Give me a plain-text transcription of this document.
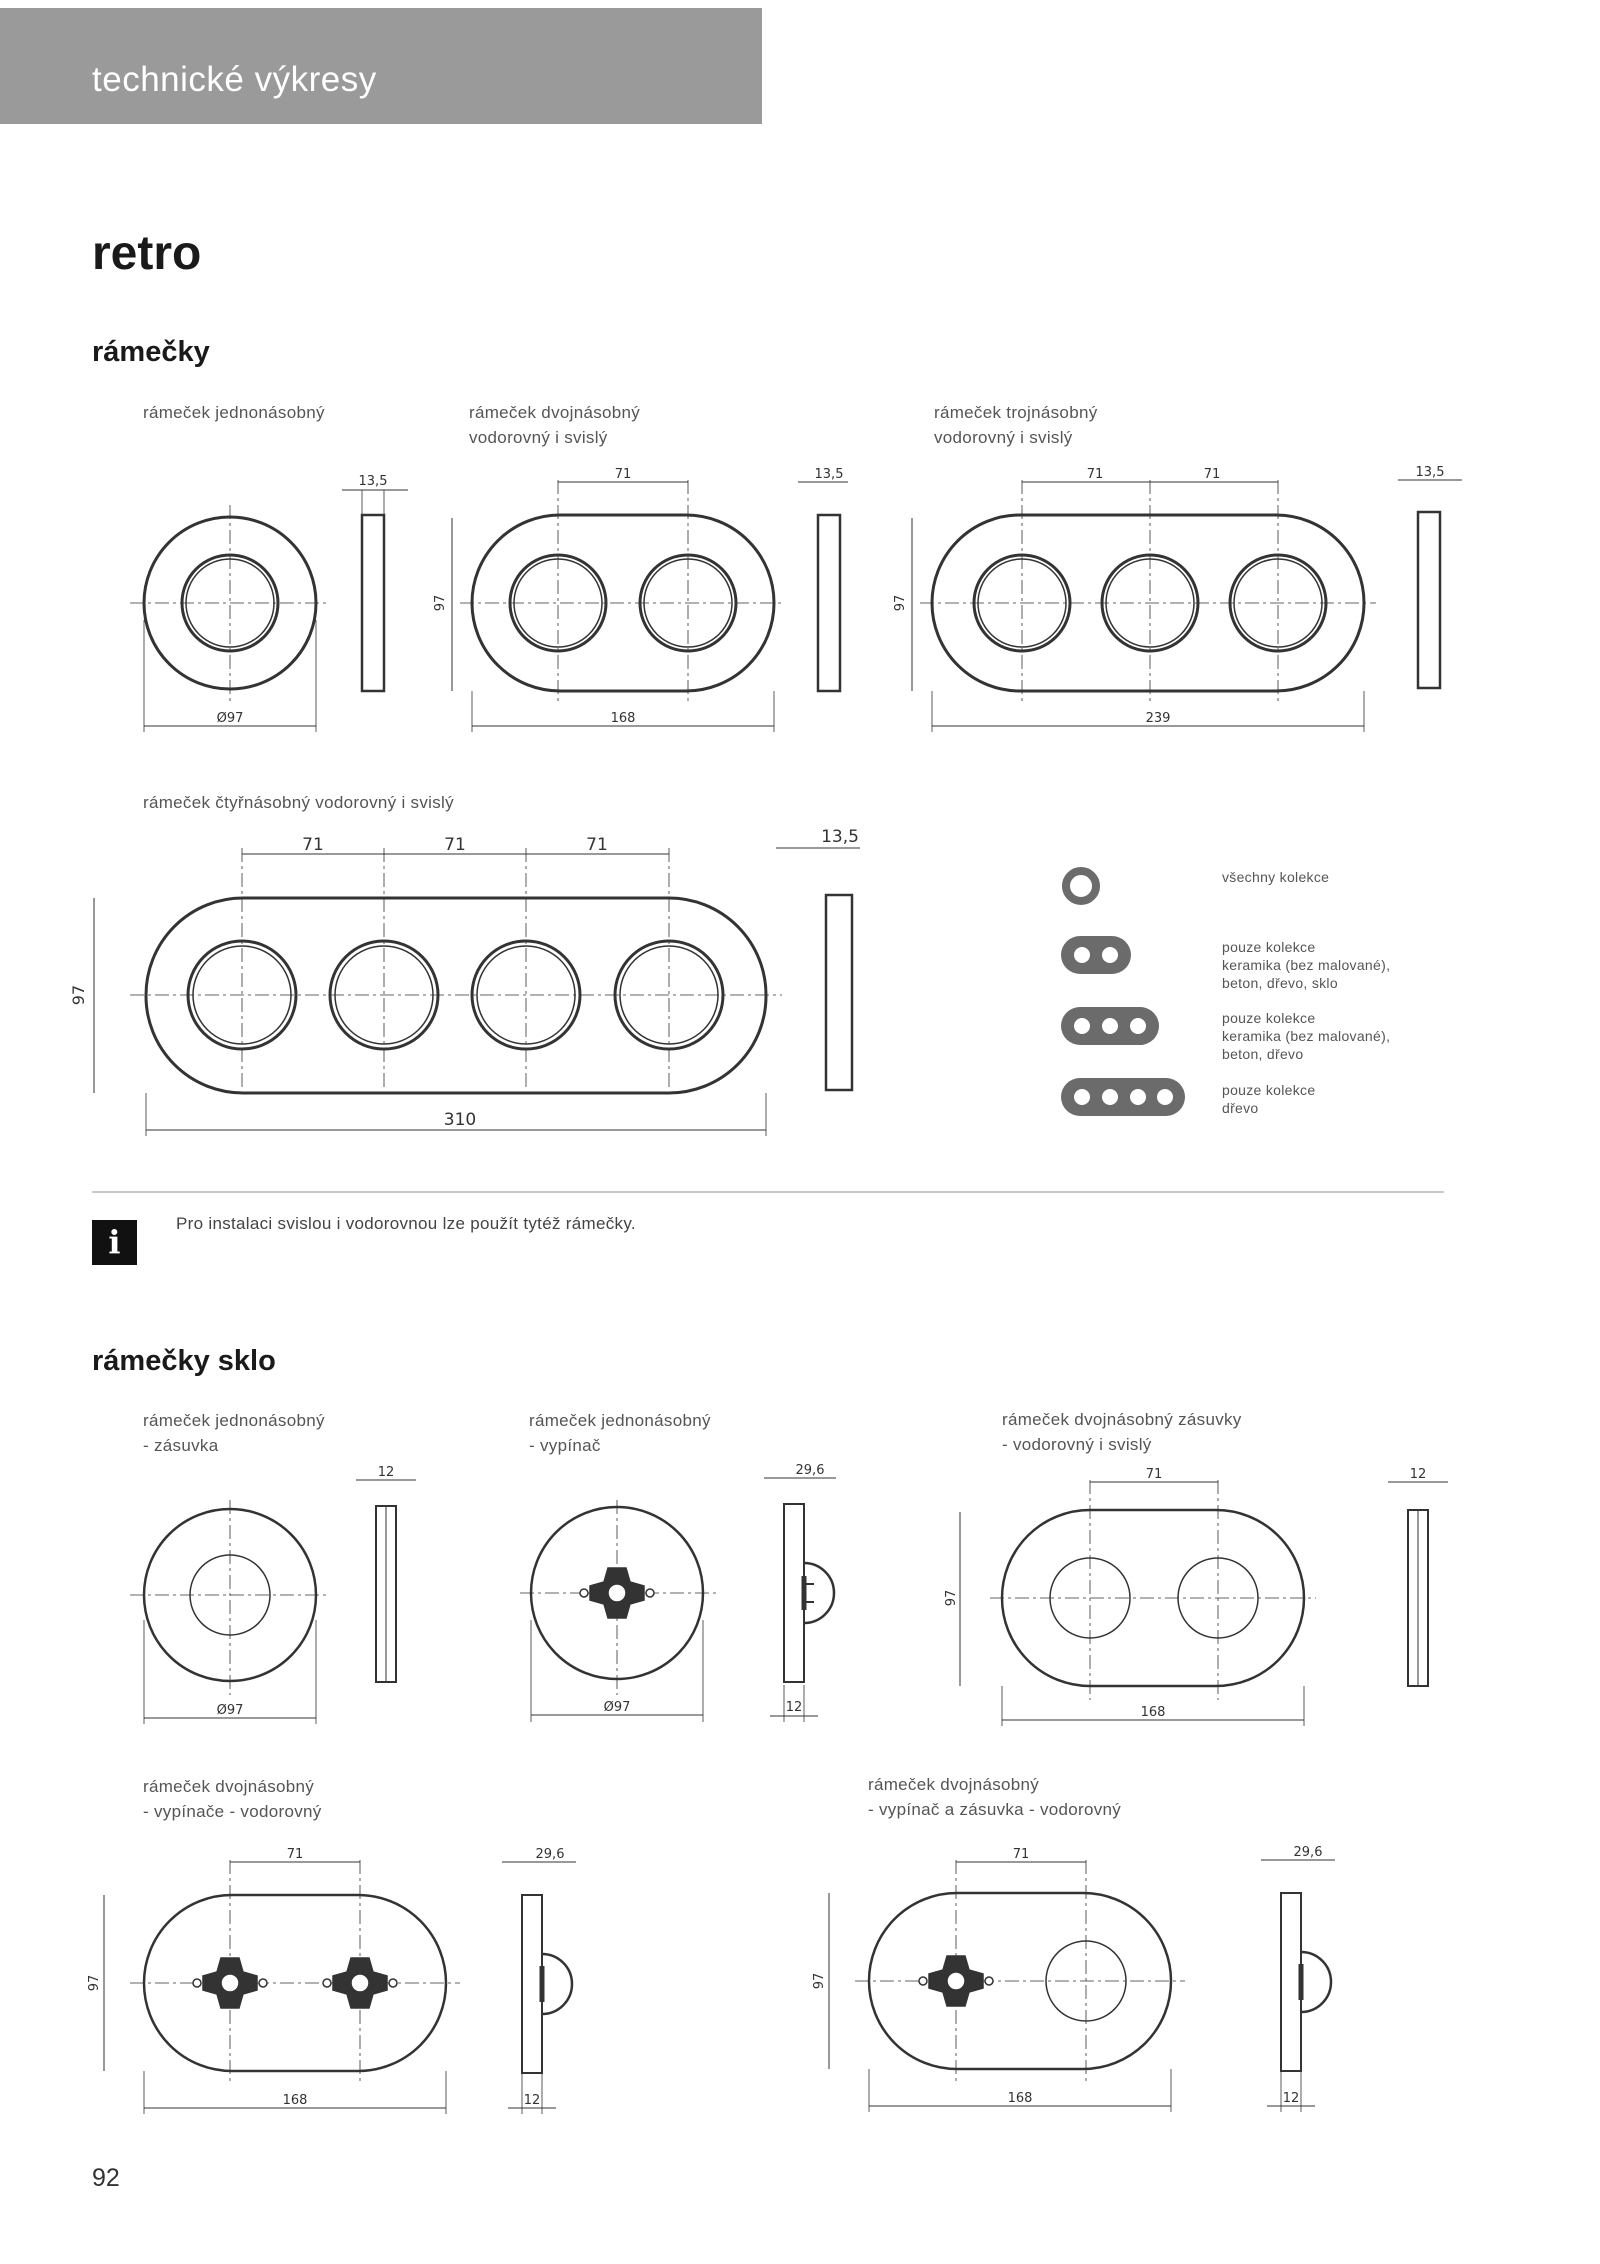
technické výkresy
retro
rámečky
rámeček jednonásobný	rámeček dvojnásobný
vodorovný i svislý
rámeček trojnásobný
vodorovný i svislý
Ø97
13,5	71
97
168
13,5	71	71
97
239
13,5
rámeček čtyřnásobný vodorovný i svislý
71	71	71
97
310
13,5
všechny kolekce
pouze kolekce
keramika (bez malované),
beton, dřevo, sklo
pouze kolekce
keramika (bez malované),
beton, dřevo
pouze kolekce
dřevo
i	Pro instalaci svislou i vodorovnou lze použít tytéž rámečky.
rámečky sklo
rámeček jednonásobný
- zásuvka
rámeček jednonásobný
- vypínač
rámeček dvojnásobný zásuvky
- vodorovný i svislý
Ø97
12	29,6
Ø97	12
71
97
168
12
rámeček dvojnásobný
- vypínače - vodorovný
rámeček dvojnásobný
- vypínač a zásuvka - vodorovný
71
97
168
29,6
12
71
97
168
29,6
12
92
